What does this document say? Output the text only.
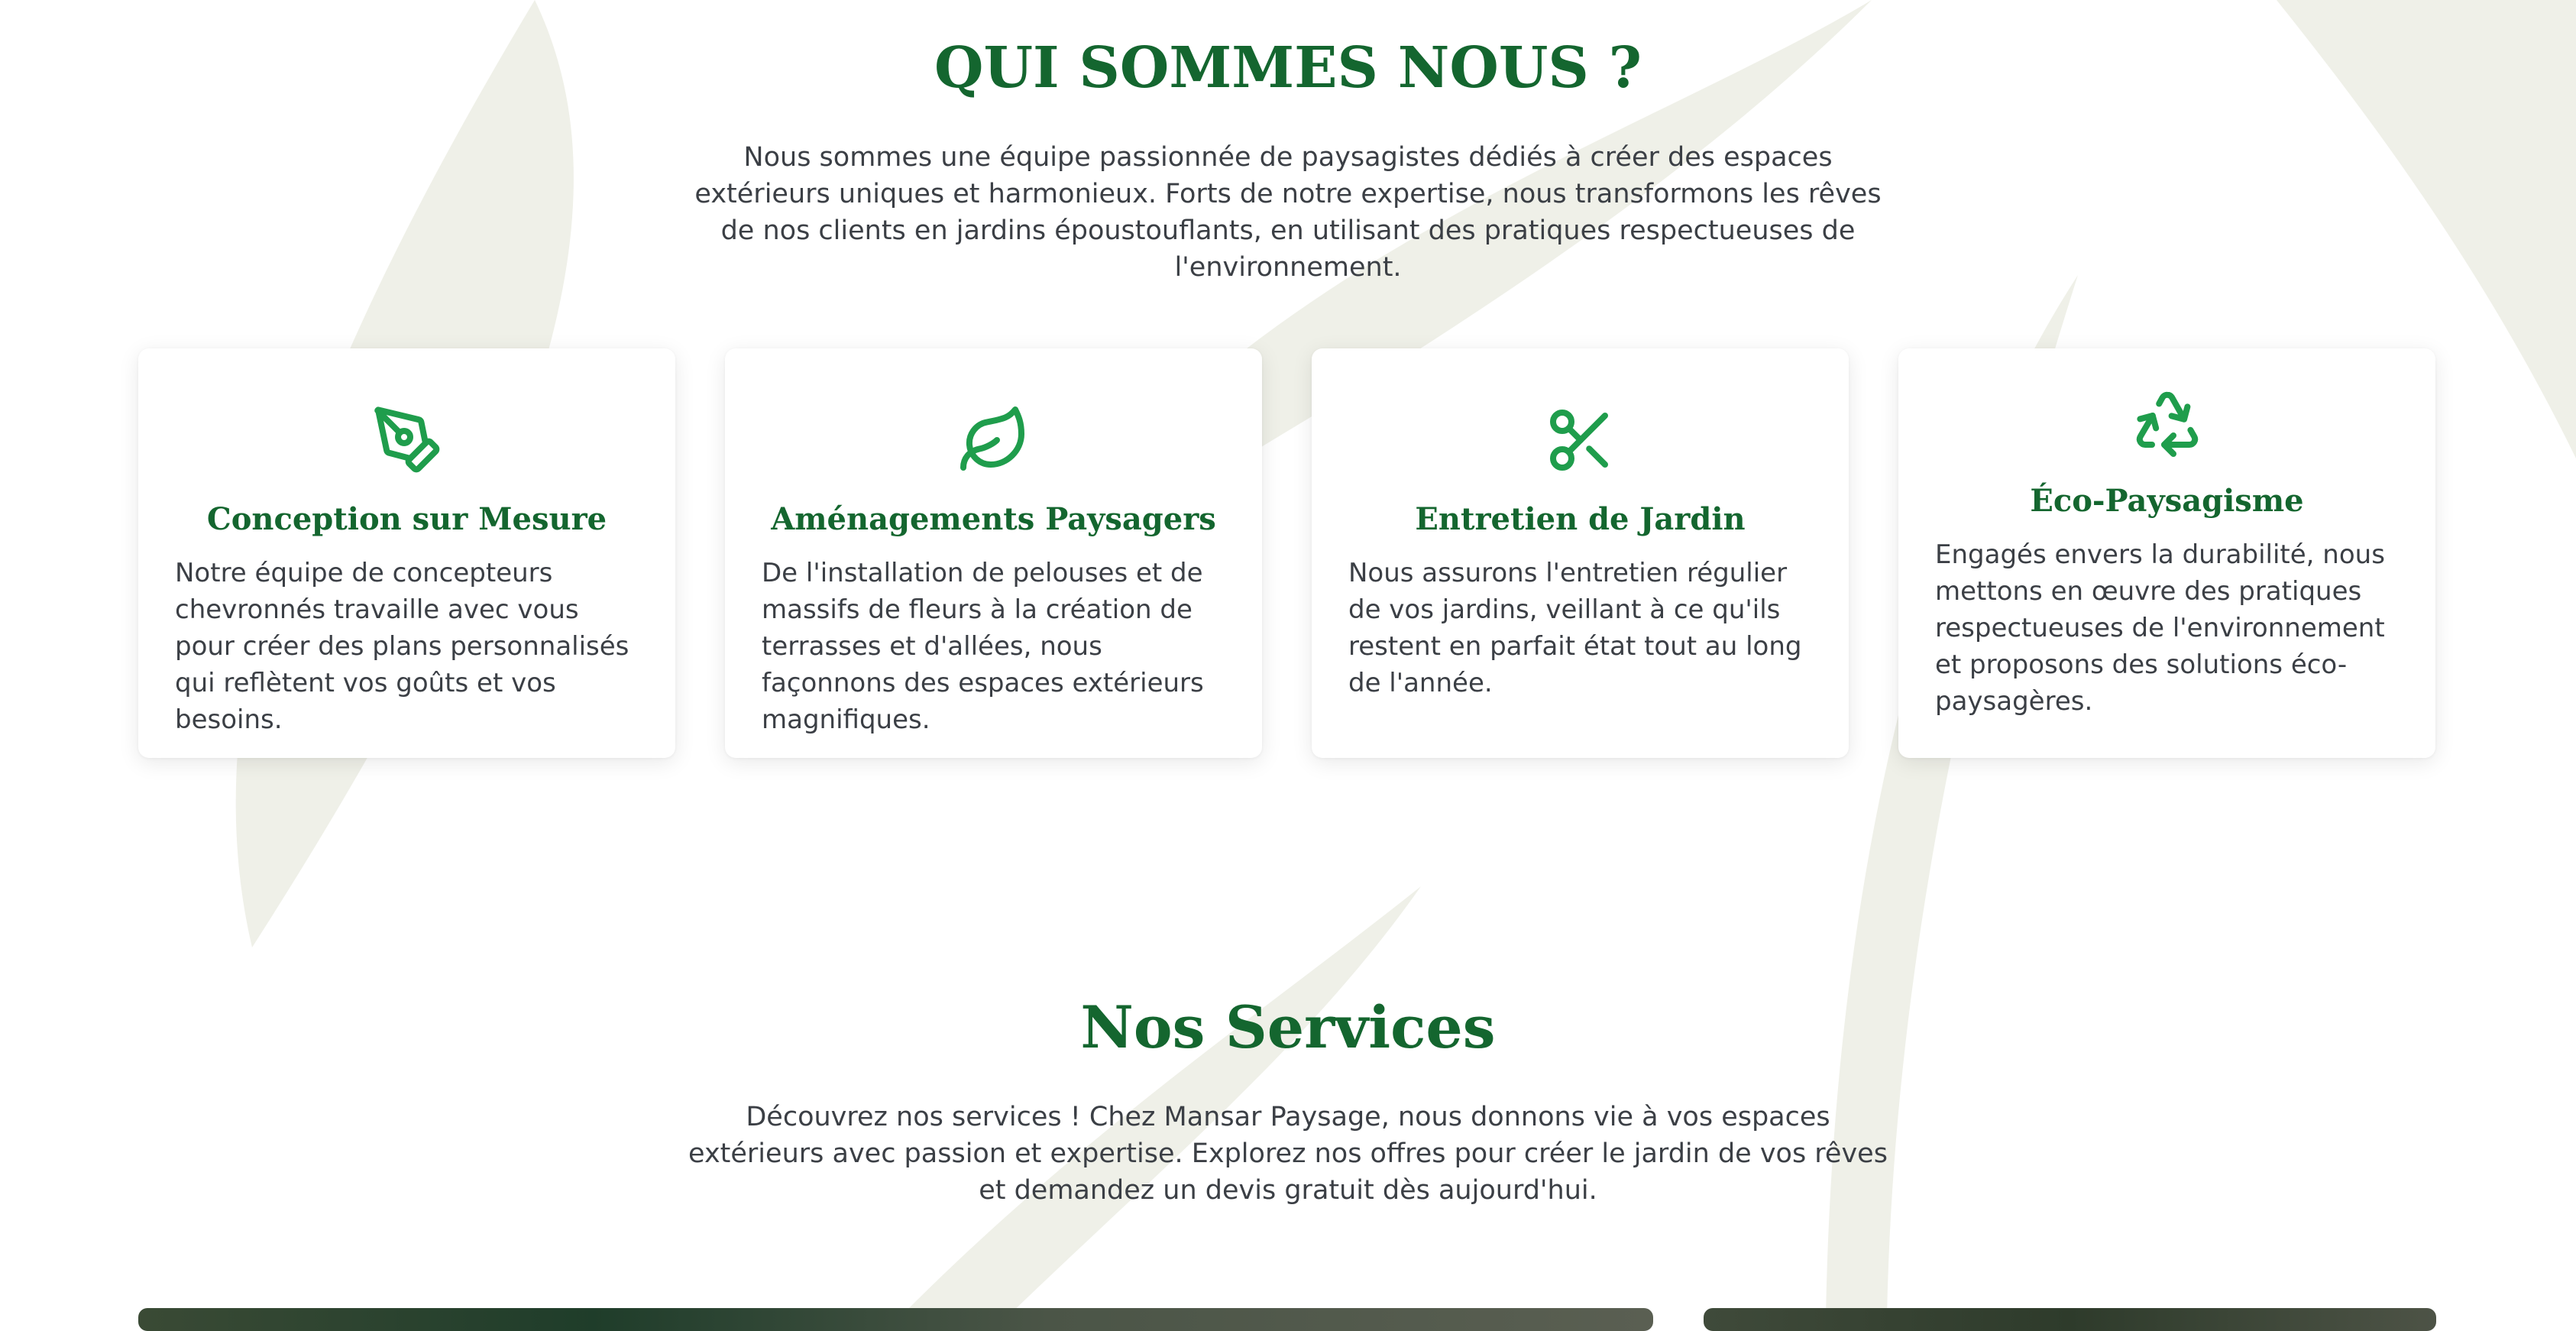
QUI SOMMES NOUS ?

Nous sommes une équipe passionnée de paysagistes dédiés à créer des espaces extérieurs uniques et harmonieux. Forts de notre expertise, nous transformons les rêves de nos clients en jardins époustouflants, en utilisant des pratiques respectueuses de l'environnement.

Conception sur Mesure

Notre équipe de concepteurs chevronnés travaille avec vous pour créer des plans personnalisés qui reflètent vos goûts et vos besoins.

Aménagements Paysagers

De l'installation de pelouses et de massifs de fleurs à la création de terrasses et d'allées, nous façonnons des espaces extérieurs magnifiques.

Entretien de Jardin

Nous assurons l'entretien régulier de vos jardins, veillant à ce qu'ils restent en parfait état tout au long de l'année.

Éco-Paysagisme

Engagés envers la durabilité, nous mettons en œuvre des pratiques respectueuses de l'environnement et proposons des solutions éco-paysagères.

Nos Services

Découvrez nos services ! Chez Mansar Paysage, nous donnons vie à vos espaces extérieurs avec passion et expertise. Explorez nos offres pour créer le jardin de vos rêves et demandez un devis gratuit dès aujourd'hui.
